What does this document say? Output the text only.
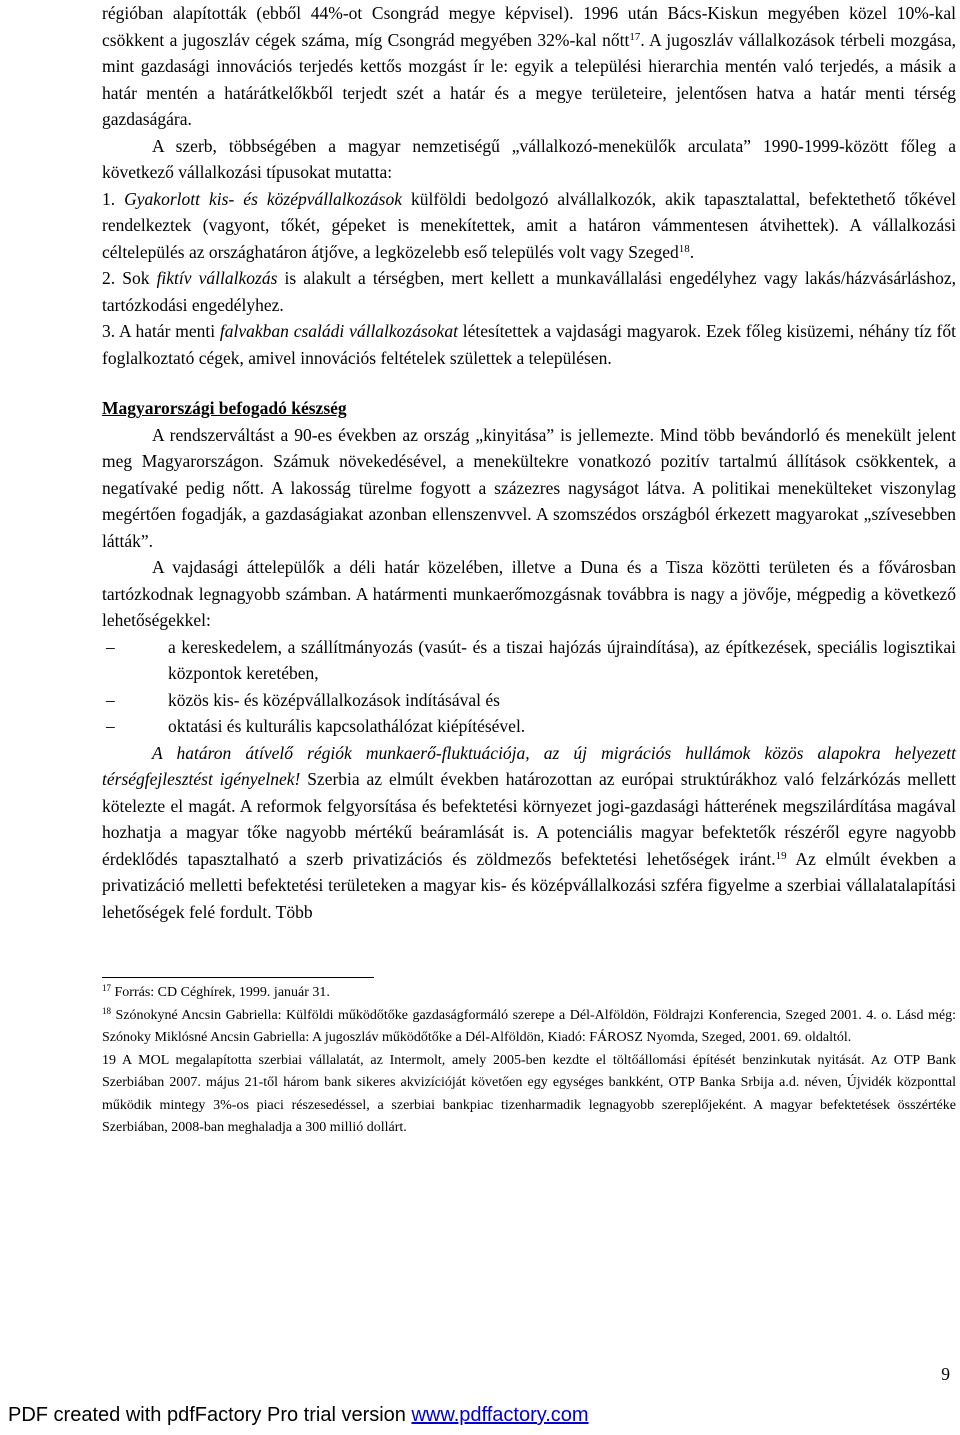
régióban alapították (ebből 44%-ot Csongrád megye képvisel). 1996 után Bács-Kiskun megyében közel 10%-kal csökkent a jugoszláv cégek száma, míg Csongrád megyében 32%-kal nőtt$^{17}$. A jugoszláv vállalkozások térbeli mozgása, mint gazdasági innovációs terjedés kettős mozgást ír le: egyik a települési hierarchia mentén való terjedés, a másik a határ mentén a határátkelőkből terjedt szét a határ és a megye területeire, jelentősen hatva a határ menti térség gazdaságára.

A szerb, többségében a magyar nemzetiségű „vállalkozó-menekülők arculata” 1990-1999-között főleg a következő vállalkozási típusokat mutatta:

1. Gyakorlott kis- és középvállalkozások külföldi bedolgozó alvállalkozók, akik tapasztalattal, befektethető tőkével rendelkeztek (vagyont, tőkét, gépeket is menekítettek, amit a határon vámmentesen átvihettek). A vállalkozási céltelepülés az országhatáron átjőve, a legközelebb eső település volt vagy Szeged$^{18}$.

2. Sok fiktív vállalkozás is alakult a térségben, mert kellett a munkavállalási engedélyhez vagy lakás/házvásárláshoz, tartózkodási engedélyhez.

3. A határ menti falvakban családi vállalkozásokat létesítettek a vajdasági magyarok. Ezek főleg kisüzemi, néhány tíz főt foglalkoztató cégek, amivel innovációs feltételek születtek a településen.

Magyarországi befogadó készség

A rendszerváltást a 90-es években az ország „kinyitása” is jellemezte. Mind több bevándorló és menekült jelent meg Magyarországon. Számuk növekedésével, a menekültekre vonatkozó pozitív tartalmú állítások csökkentek, a negatívaké pedig nőtt. A lakosság türelme fogyott a százezres nagyságot látva. A politikai menekülteket viszonylag megértően fogadják, a gazdaságiakat azonban ellenszenvvel. A szomszédos országból érkezett magyarokat „szívesebben látták”.

A vajdasági áttelepülők a déli határ közelében, illetve a Duna és a Tisza közötti területen és a fővárosban tartózkodnak legnagyobb számban. A határmenti munkaerőmozgásnak továbbra is nagy a jövője, mégpedig a következő lehetőségekkel:

–	a kereskedelem, a szállítmányozás (vasút- és a tiszai hajózás újraindítása), az építkezések, speciális logisztikai központok keretében,
–	közös kis- és középvállalkozások indításával és
–	oktatási és kulturális kapcsolathálózat kiépítésével.

A határon átívelő régiók munkaerő-fluktuációja, az új migrációs hullámok közös alapokra helyezett térségfejlesztést igényelnek! Szerbia az elmúlt években határozottan az európai struktúrákhoz való felzárkózás mellett kötelezte el magát. A reformok felgyorsítása és befektetési környezet jogi-gazdasági hátterének megszilárdítása magával hozhatja a magyar tőke nagyobb mértékű beáramlását is. A potenciális magyar befektetők részéről egyre nagyobb érdeklődés tapasztalható a szerb privatizációs és zöldmezős befektetési lehetőségek iránt.$^{19}$ Az elmúlt években a privatizáció melletti befektetési területeken a magyar kis- és középvállalkozási szféra figyelme a szerbiai vállalatalapítási lehetőségek felé fordult. Több

$^{17}$ Forrás: CD Céghírek, 1999. január 31.

$^{18}$ Szónokyné Ancsin Gabriella: Külföldi működőtőke gazdaságformáló szerepe a Dél-Alföldön, Földrajzi Konferencia, Szeged 2001. 4. o. Lásd még: Szónoky Miklósné Ancsin Gabriella: A jugoszláv működőtőke a Dél-Alföldön, Kiadó: FÁROSZ Nyomda, Szeged, 2001. 69. oldaltól.

19 A MOL megalapította szerbiai vállalatát, az Intermolt, amely 2005-ben kezdte el töltőállomási építését benzinkutak nyitását. Az OTP Bank Szerbiában 2007. május 21-től három bank sikeres akvizícióját követően egy egységes bankként, OTP Banka Srbija a.d. néven, Újvidék központtal működik mintegy 3%-os piaci részesedéssel, a szerbiai bankpiac tizenharmadik legnagyobb szereplőjeként. A magyar befektetések összértéke Szerbiában, 2008-ban meghaladja a 300 millió dollárt.

9
PDF created with pdfFactory Pro trial version www.pdffactory.com
